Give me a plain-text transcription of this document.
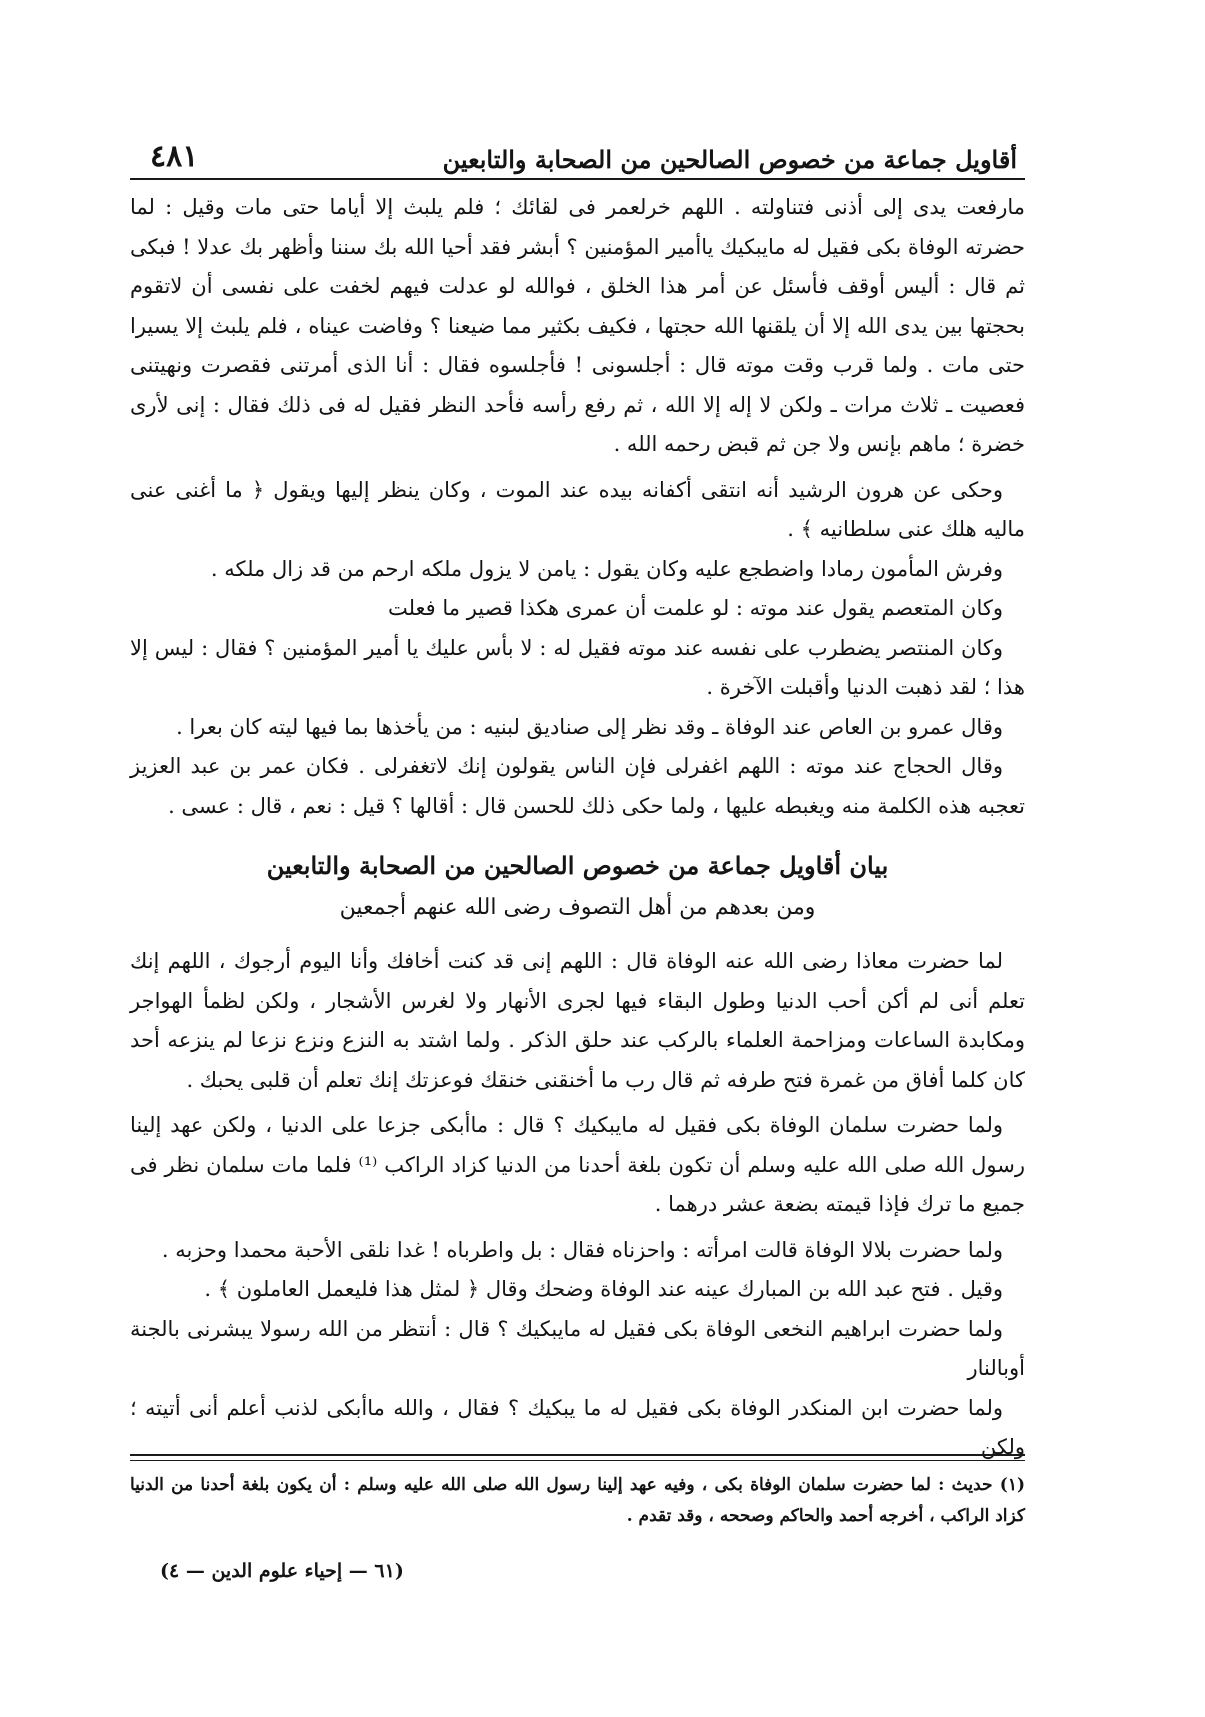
أقاويل جماعة من خصوص الصالحين من الصحابة والتابعين
٤٨١

مارفعت يدى إلى أذنى فتناولته . اللهم خرلعمر فى لقائك ؛ فلم يلبث إلا أياما حتى مات وقيل : لما حضرته الوفاة بكى فقيل له مايبكيك ياأمير المؤمنين ؟ أبشر فقد أحيا الله بك سننا وأظهر بك عدلا ! فبكى ثم قال : أليس أوقف فأسئل عن أمر هذا الخلق ، فوالله لو عدلت فيهم لخفت على نفسى أن لاتقوم بحجتها بين يدى الله إلا أن يلقنها الله حجتها ، فكيف بكثير مما ضيعنا ؟ وفاضت عيناه ، فلم يلبث إلا يسيرا حتى مات . ولما قرب وقت موته قال : أجلسونى ! فأجلسوه فقال : أنا الذى أمرتنى فقصرت ونهيتنى فعصيت ـ ثلاث مرات ـ ولكن لا إله إلا الله ، ثم رفع رأسه فأحد النظر فقيل له فى ذلك فقال : إنى لأرى خضرة ؛ ماهم بإنس ولا جن ثم قبض رحمه الله .

وحكى عن هرون الرشيد أنه انتقى أكفانه بيده عند الموت ، وكان ينظر إليها ويقول ﴿ ما أغنى عنى ماليه هلك عنى سلطانيه ﴾ .

وفرش المأمون رمادا واضطجع عليه وكان يقول : يامن لا يزول ملكه ارحم من قد زال ملكه .

وكان المتعصم يقول عند موته : لو علمت أن عمرى هكذا قصير ما فعلت

وكان المنتصر يضطرب على نفسه عند موته فقيل له : لا بأس عليك يا أمير المؤمنين ؟ فقال : ليس إلا هذا ؛ لقد ذهبت الدنيا وأقبلت الآخرة .

وقال عمرو بن العاص عند الوفاة ـ وقد نظر إلى صناديق لبنيه : من يأخذها بما فيها ليته كان بعرا .

وقال الحجاج عند موته : اللهم اغفرلى فإن الناس يقولون إنك لاتغفرلى . فكان عمر بن عبد العزيز تعجبه هذه الكلمة منه ويغبطه عليها ، ولما حكى ذلك للحسن قال : أقالها ؟ قيل : نعم ، قال : عسى .

بيان أقاويل جماعة من خصوص الصالحين من الصحابة والتابعين
ومن بعدهم من أهل التصوف رضى الله عنهم أجمعين

لما حضرت معاذا رضى الله عنه الوفاة قال : اللهم إنى قد كنت أخافك وأنا اليوم أرجوك ، اللهم إنك تعلم أنى لم أكن أحب الدنيا وطول البقاء فيها لجرى الأنهار ولا لغرس الأشجار ، ولكن لظمأ الهواجر ومكابدة الساعات ومزاحمة العلماء بالركب عند حلق الذكر . ولما اشتد به النزع ونزع نزعا لم ينزعه أحد كان كلما أفاق من غمرة فتح طرفه ثم قال رب ما أخنقنى خنقك فوعزتك إنك تعلم أن قلبى يحبك .

ولما حضرت سلمان الوفاة بكى فقيل له مايبكيك ؟ قال : ماأبكى جزعا على الدنيا ، ولكن عهد إلينا رسول الله صلى الله عليه وسلم أن تكون بلغة أحدنا من الدنيا كزاد الراكب ⁽¹⁾ فلما مات سلمان نظر فى جميع ما ترك فإذا قيمته بضعة عشر درهما .

ولما حضرت بلالا الوفاة قالت امرأته : واحزناه فقال : بل واطرباه ! غدا نلقى الأحبة محمدا وحزبه .

وقيل . فتح عبد الله بن المبارك عينه عند الوفاة وضحك وقال ﴿ لمثل هذا فليعمل العاملون ﴾ .

ولما حضرت ابراهيم النخعى الوفاة بكى فقيل له مايبكيك ؟ قال : أنتظر من الله رسولا يبشرنى بالجنة أوبالنار

ولما حضرت ابن المنكدر الوفاة بكى فقيل له ما يبكيك ؟ فقال ، والله ماأبكى لذنب أعلم أنى أتيته ؛ ولكن

(١) حديث : لما حضرت سلمان الوفاة بكى ، وفيه عهد إلينا رسول الله صلى الله عليه وسلم : أن يكون بلغة أحدنا من الدنيا كزاد الراكب ، أخرجه أحمد والحاكم وصححه ، وقد تقدم .
(٦١ — إحياء علوم الدين — ٤)
